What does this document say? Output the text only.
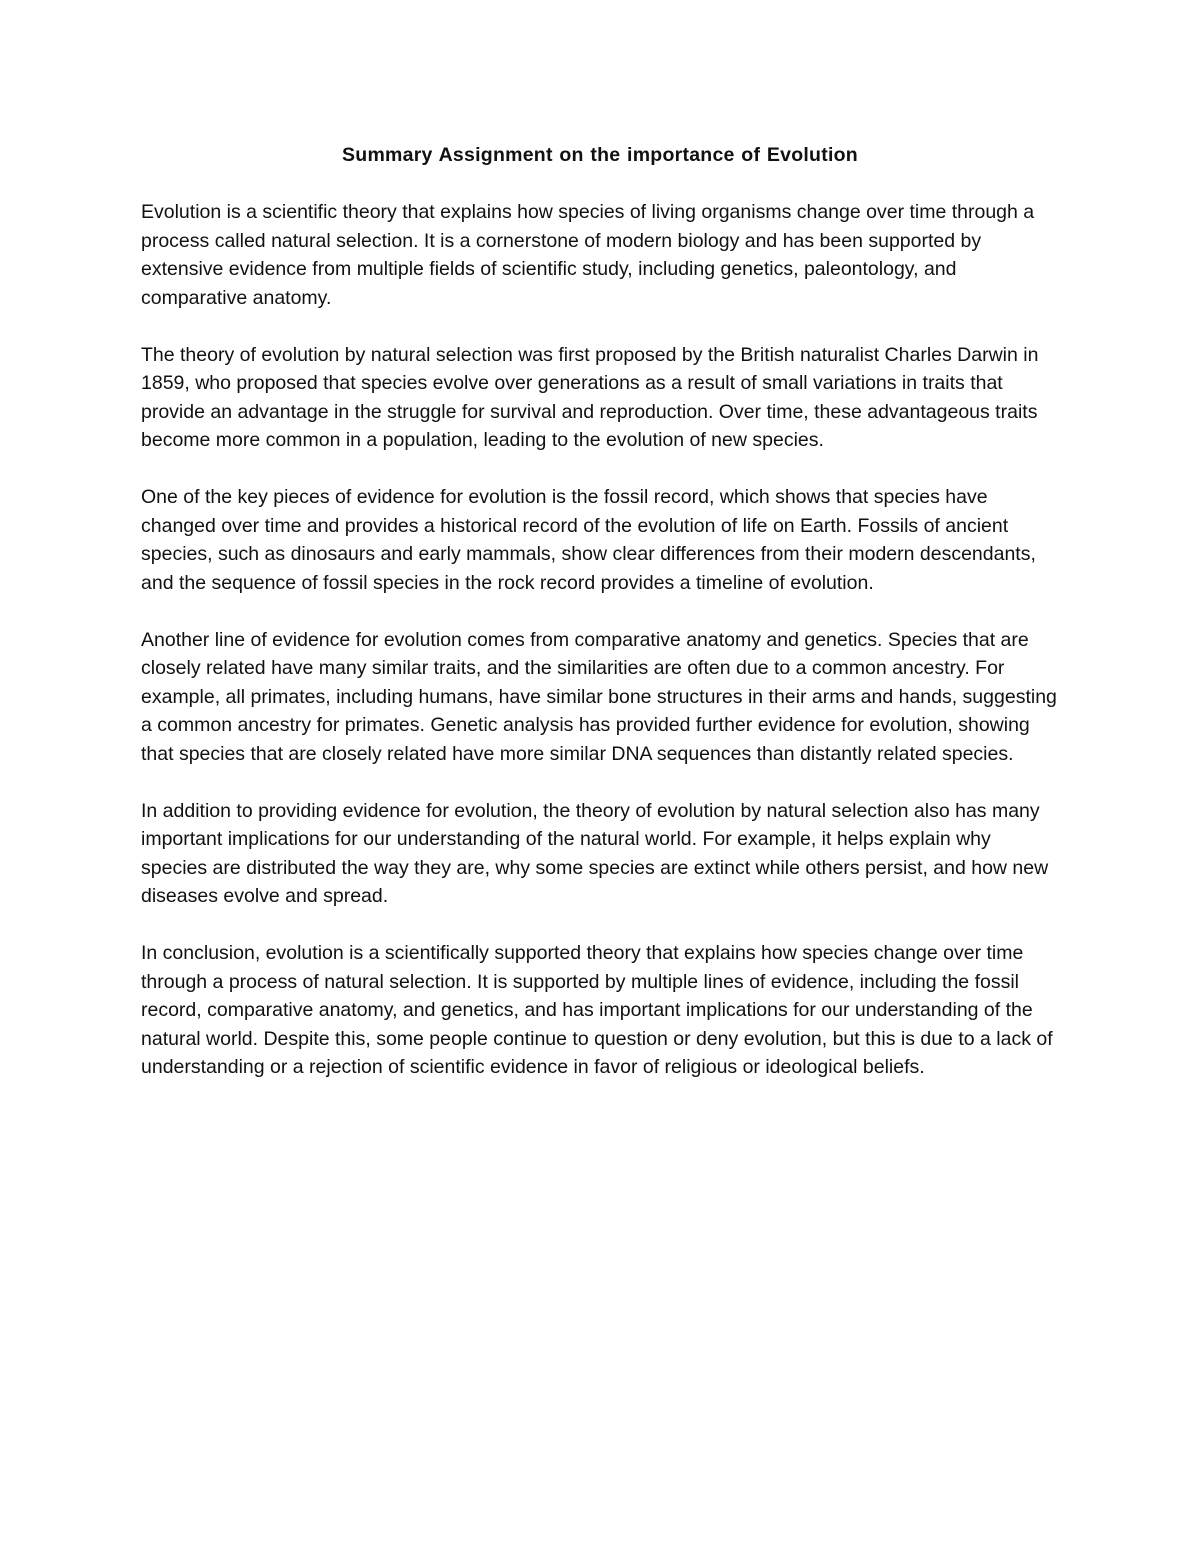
Summary Assignment on the importance of Evolution

Evolution is a scientific theory that explains how species of living organisms change over time through a process called natural selection. It is a cornerstone of modern biology and has been supported by extensive evidence from multiple fields of scientific study, including genetics, paleontology, and comparative anatomy.

The theory of evolution by natural selection was first proposed by the British naturalist Charles Darwin in 1859, who proposed that species evolve over generations as a result of small variations in traits that provide an advantage in the struggle for survival and reproduction. Over time, these advantageous traits become more common in a population, leading to the evolution of new species.

One of the key pieces of evidence for evolution is the fossil record, which shows that species have changed over time and provides a historical record of the evolution of life on Earth. Fossils of ancient species, such as dinosaurs and early mammals, show clear differences from their modern descendants, and the sequence of fossil species in the rock record provides a timeline of evolution.

Another line of evidence for evolution comes from comparative anatomy and genetics. Species that are closely related have many similar traits, and the similarities are often due to a common ancestry. For example, all primates, including humans, have similar bone structures in their arms and hands, suggesting a common ancestry for primates. Genetic analysis has provided further evidence for evolution, showing that species that are closely related have more similar DNA sequences than distantly related species.

In addition to providing evidence for evolution, the theory of evolution by natural selection also has many important implications for our understanding of the natural world. For example, it helps explain why species are distributed the way they are, why some species are extinct while others persist, and how new diseases evolve and spread.

In conclusion, evolution is a scientifically supported theory that explains how species change over time through a process of natural selection. It is supported by multiple lines of evidence, including the fossil record, comparative anatomy, and genetics, and has important implications for our understanding of the natural world. Despite this, some people continue to question or deny evolution, but this is due to a lack of understanding or a rejection of scientific evidence in favor of religious or ideological beliefs.
